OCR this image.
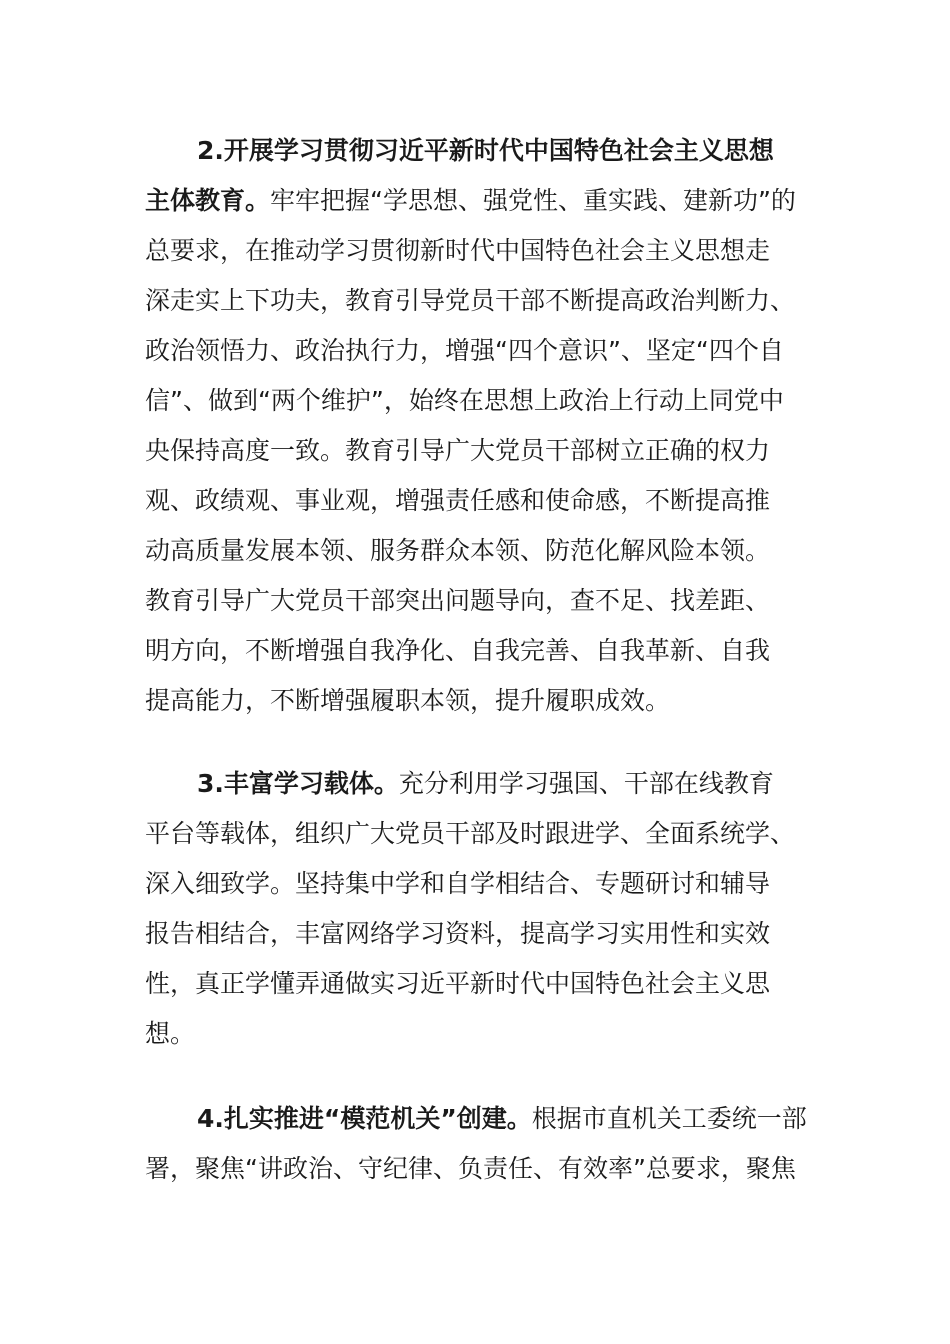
2.开展学习贯彻习近平新时代中国特色社会主义思想
主体教育。牢牢把握“学思想、强党性、重实践、建新功”的
总要求，在推动学习贯彻新时代中国特色社会主义思想走
深走实上下功夫，教育引导党员干部不断提高政治判断力、
政治领悟力、政治执行力，增强“四个意识”、坚定“四个自
信”、做到“两个维护”，始终在思想上政治上行动上同党中
央保持高度一致。教育引导广大党员干部树立正确的权力
观、政绩观、事业观，增强责任感和使命感，不断提高推
动高质量发展本领、服务群众本领、防范化解风险本领。
教育引导广大党员干部突出问题导向，查不足、找差距、
明方向，不断增强自我净化、自我完善、自我革新、自我
提高能力，不断增强履职本领，提升履职成效。
3.丰富学习载体。充分利用学习强国、干部在线教育
平台等载体，组织广大党员干部及时跟进学、全面系统学、
深入细致学。坚持集中学和自学相结合、专题研讨和辅导
报告相结合，丰富网络学习资料，提高学习实用性和实效
性，真正学懂弄通做实习近平新时代中国特色社会主义思
想。
4.扎实推进“模范机关”创建。根据市直机关工委统一部
署，聚焦“讲政治、守纪律、负责任、有效率”总要求，聚焦
